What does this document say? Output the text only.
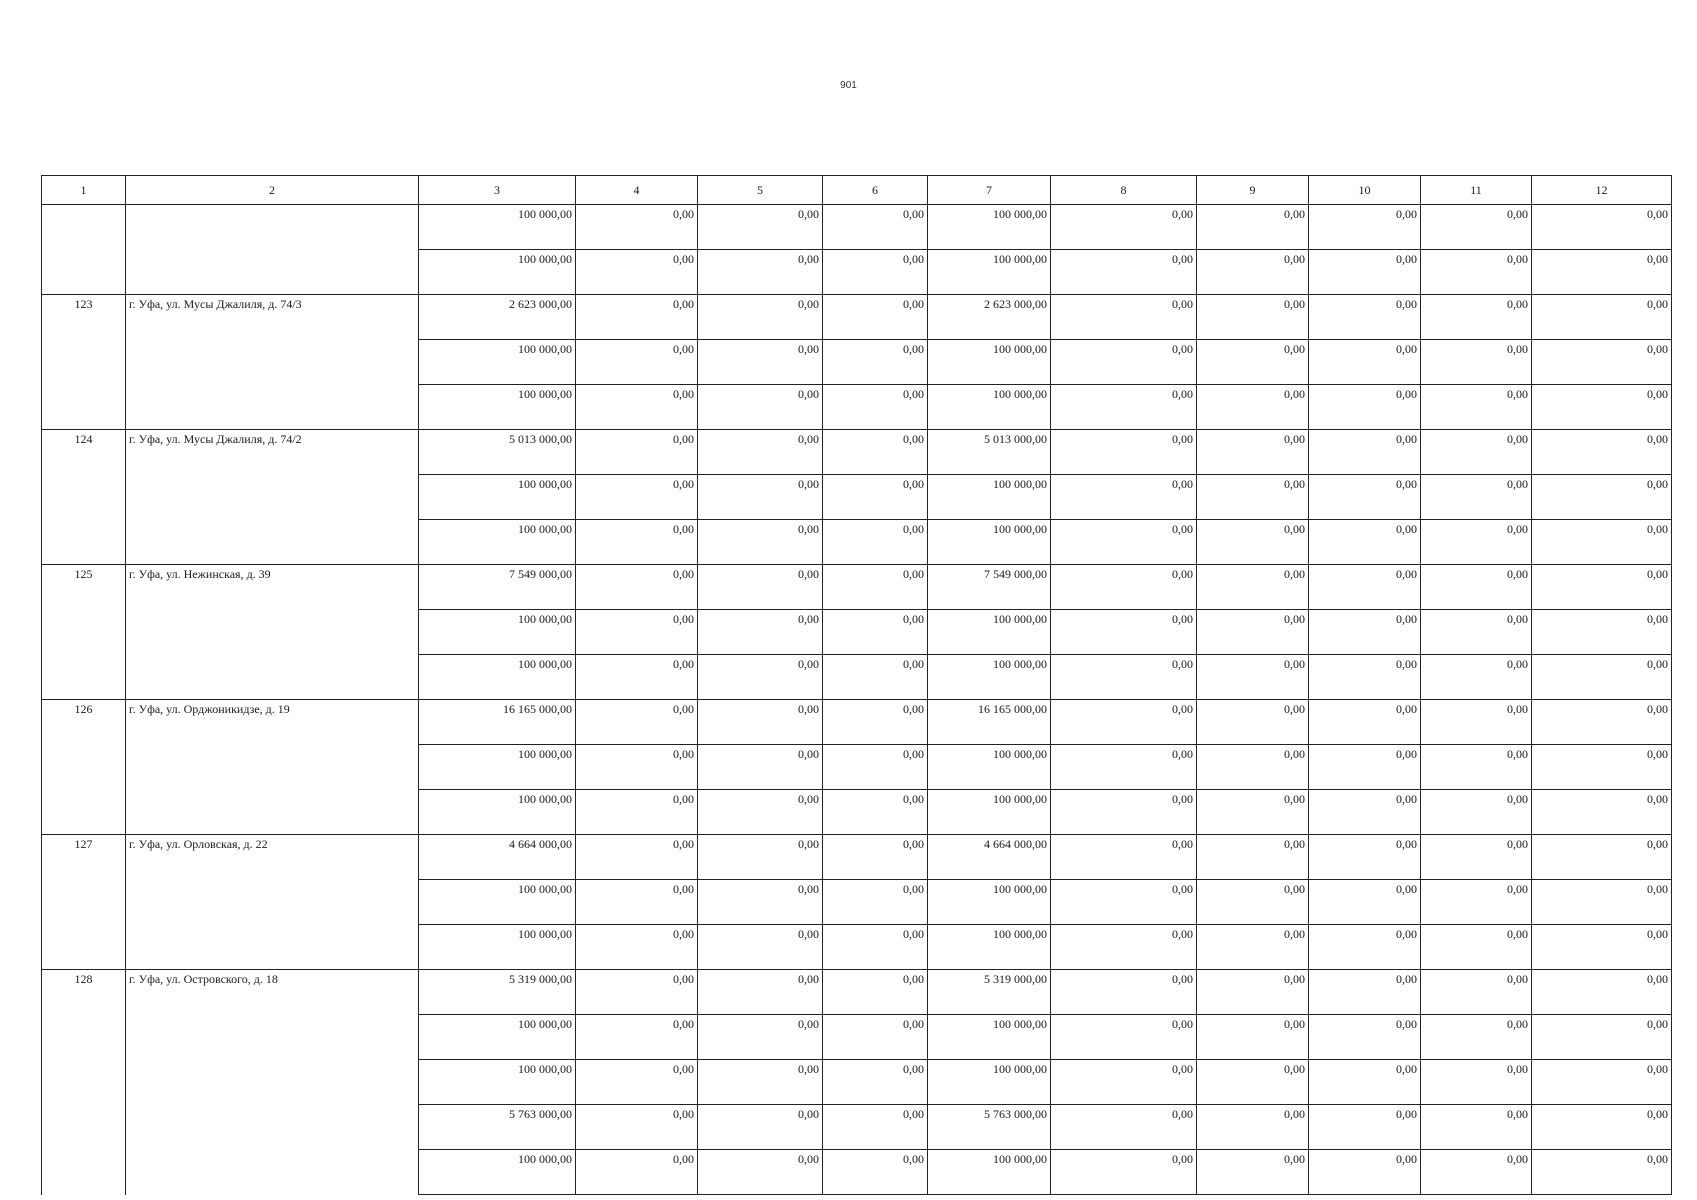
901
1	2	3	4	5	6	7	8	9	10	11	12
		100 000,00	0,00	0,00	0,00	100 000,00	0,00	0,00	0,00	0,00	0,00
		100 000,00	0,00	0,00	0,00	100 000,00	0,00	0,00	0,00	0,00	0,00
123	г. Уфа, ул. Мусы Джалиля, д. 74/3	2 623 000,00	0,00	0,00	0,00	2 623 000,00	0,00	0,00	0,00	0,00	0,00
		100 000,00	0,00	0,00	0,00	100 000,00	0,00	0,00	0,00	0,00	0,00
		100 000,00	0,00	0,00	0,00	100 000,00	0,00	0,00	0,00	0,00	0,00
124	г. Уфа, ул. Мусы Джалиля, д. 74/2	5 013 000,00	0,00	0,00	0,00	5 013 000,00	0,00	0,00	0,00	0,00	0,00
		100 000,00	0,00	0,00	0,00	100 000,00	0,00	0,00	0,00	0,00	0,00
		100 000,00	0,00	0,00	0,00	100 000,00	0,00	0,00	0,00	0,00	0,00
125	г. Уфа, ул. Нежинская, д. 39	7 549 000,00	0,00	0,00	0,00	7 549 000,00	0,00	0,00	0,00	0,00	0,00
		100 000,00	0,00	0,00	0,00	100 000,00	0,00	0,00	0,00	0,00	0,00
		100 000,00	0,00	0,00	0,00	100 000,00	0,00	0,00	0,00	0,00	0,00
126	г. Уфа, ул. Орджоникидзе, д. 19	16 165 000,00	0,00	0,00	0,00	16 165 000,00	0,00	0,00	0,00	0,00	0,00
		100 000,00	0,00	0,00	0,00	100 000,00	0,00	0,00	0,00	0,00	0,00
		100 000,00	0,00	0,00	0,00	100 000,00	0,00	0,00	0,00	0,00	0,00
127	г. Уфа, ул. Орловская, д. 22	4 664 000,00	0,00	0,00	0,00	4 664 000,00	0,00	0,00	0,00	0,00	0,00
		100 000,00	0,00	0,00	0,00	100 000,00	0,00	0,00	0,00	0,00	0,00
		100 000,00	0,00	0,00	0,00	100 000,00	0,00	0,00	0,00	0,00	0,00
128	г. Уфа, ул. Островского, д. 18	5 319 000,00	0,00	0,00	0,00	5 319 000,00	0,00	0,00	0,00	0,00	0,00
		100 000,00	0,00	0,00	0,00	100 000,00	0,00	0,00	0,00	0,00	0,00
		100 000,00	0,00	0,00	0,00	100 000,00	0,00	0,00	0,00	0,00	0,00
		5 763 000,00	0,00	0,00	0,00	5 763 000,00	0,00	0,00	0,00	0,00	0,00
		100 000,00	0,00	0,00	0,00	100 000,00	0,00	0,00	0,00	0,00	0,00
